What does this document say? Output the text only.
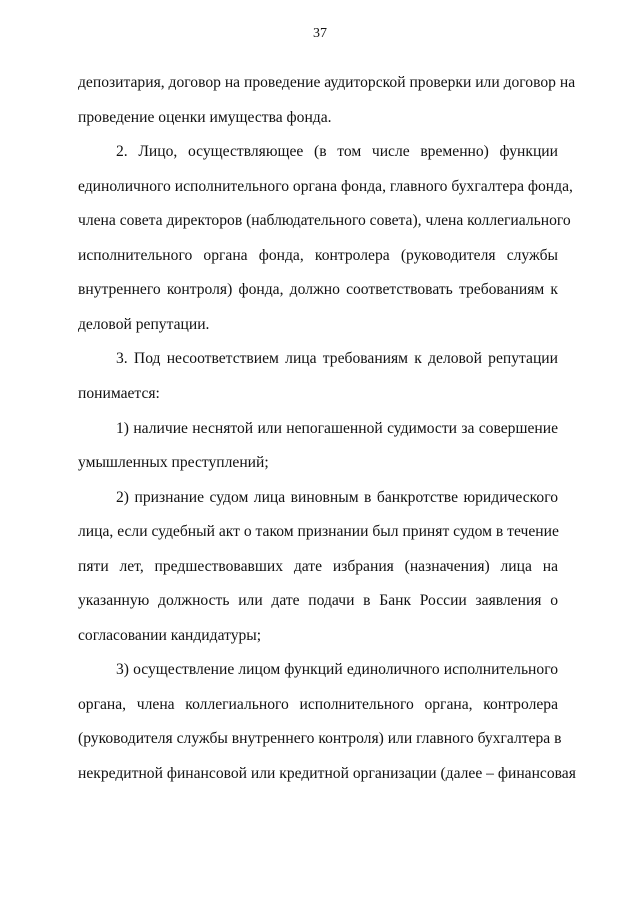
37
депозитария, договор на проведение аудиторской проверки или договор на
проведение оценки имущества фонда.
2. Лицо, осуществляющее (в том числе временно) функции
единоличного исполнительного органа фонда, главного бухгалтера фонда,
члена совета директоров (наблюдательного совета), члена коллегиального
исполнительного органа фонда, контролера (руководителя службы
внутреннего контроля) фонда, должно соответствовать требованиям к
деловой репутации.
3. Под несоответствием лица требованиям к деловой репутации
понимается:
1) наличие неснятой или непогашенной судимости за совершение
умышленных преступлений;
2) признание судом лица виновным в банкротстве юридического
лица, если судебный акт о таком признании был принят судом в течение
пяти лет, предшествовавших дате избрания (назначения) лица на
указанную должность или дате подачи в Банк России заявления о
согласовании кандидатуры;
3) осуществление лицом функций единоличного исполнительного
органа, члена коллегиального исполнительного органа, контролера
(руководителя службы внутреннего контроля) или главного бухгалтера в
некредитной финансовой или кредитной организации (далее – финансовая
